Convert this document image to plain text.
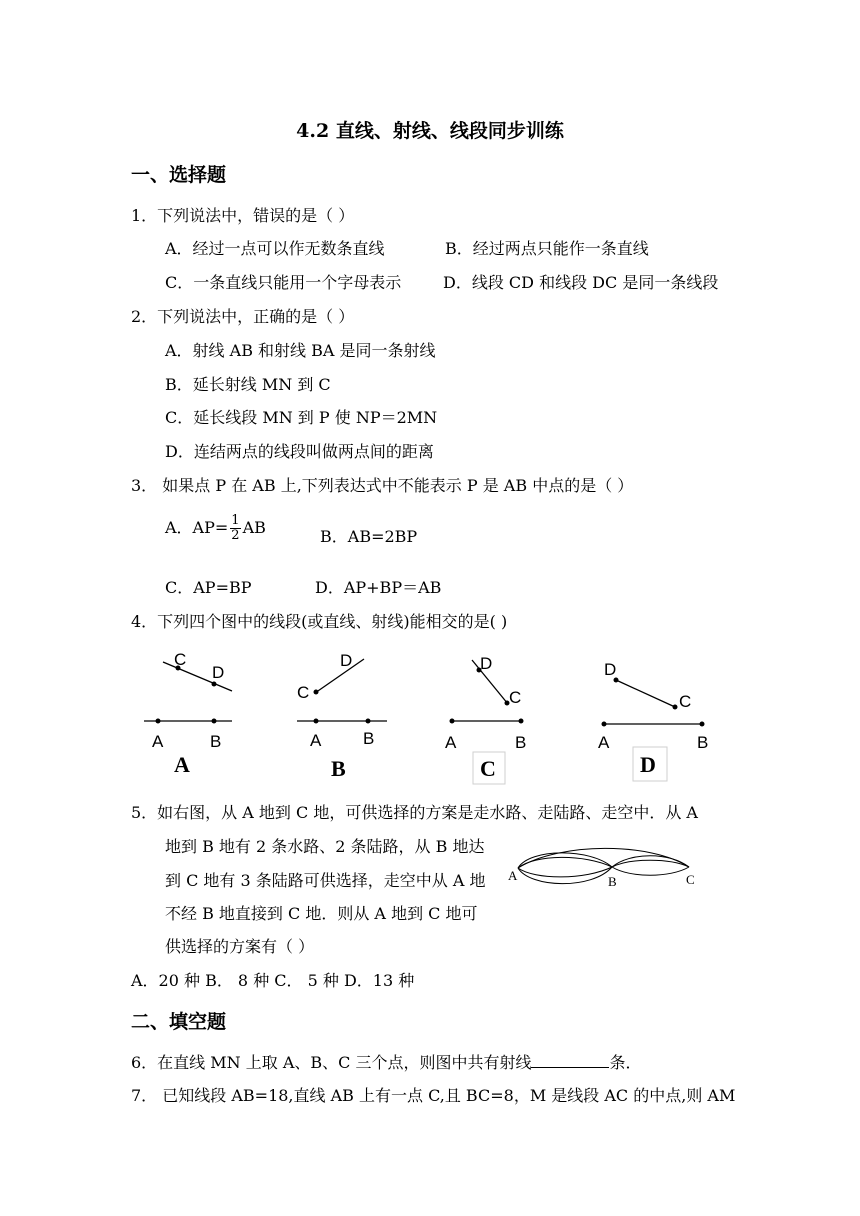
4.2 直线、射线、线段同步训练
一、选择题
1．下列说法中，错误的是（ ）
A．经过一点可以作无数条直线	B．经过两点只能作一条直线
C．一条直线只能用一个字母表示	D．线段 CD 和线段 DC 是同一条线段
2．下列说法中，正确的是（ ）
A．射线 AB 和射线 BA 是同一条射线
B．延长射线 MN 到 C
C．延长线段 MN 到 P 使 NP＝2MN
D．连结两点的线段叫做两点间的距离
3． 如果点 P 在 AB 上,下列表达式中不能表示 P 是 AB 中点的是（ ）
A．$AP= \frac{1}{2}$ AB	B．AB=2BP
C．AP=BP	D．AP+BP＝AB
4．下列四个图中的线段(或直线、射线)能相交的是( )
C
D
A	B
A
D
C
A B
B
D
C
A	B
C
D
C
A	B
D
5．如右图，从 A 地到 C 地，可供选择的方案是走水路、走陆路、走空中．从 A
地到 B 地有 2 条水路、2 条陆路，从 B 地达
到 C 地有 3 条陆路可供选择，走空中从 A 地
不经 B 地直接到 C 地．则从 A 地到 C 地可
供选择的方案有（ ）
A	B	C
A．20 种 B． 8 种 C． 5 种 D．13 种
二、填空题
6．在直线 MN 上取 A、B、C 三个点，则图中共有射线	条．
7． 已知线段 AB=18,直线 AB 上有一点 C,且 BC=8，M 是线段 AC 的中点,则 AM
